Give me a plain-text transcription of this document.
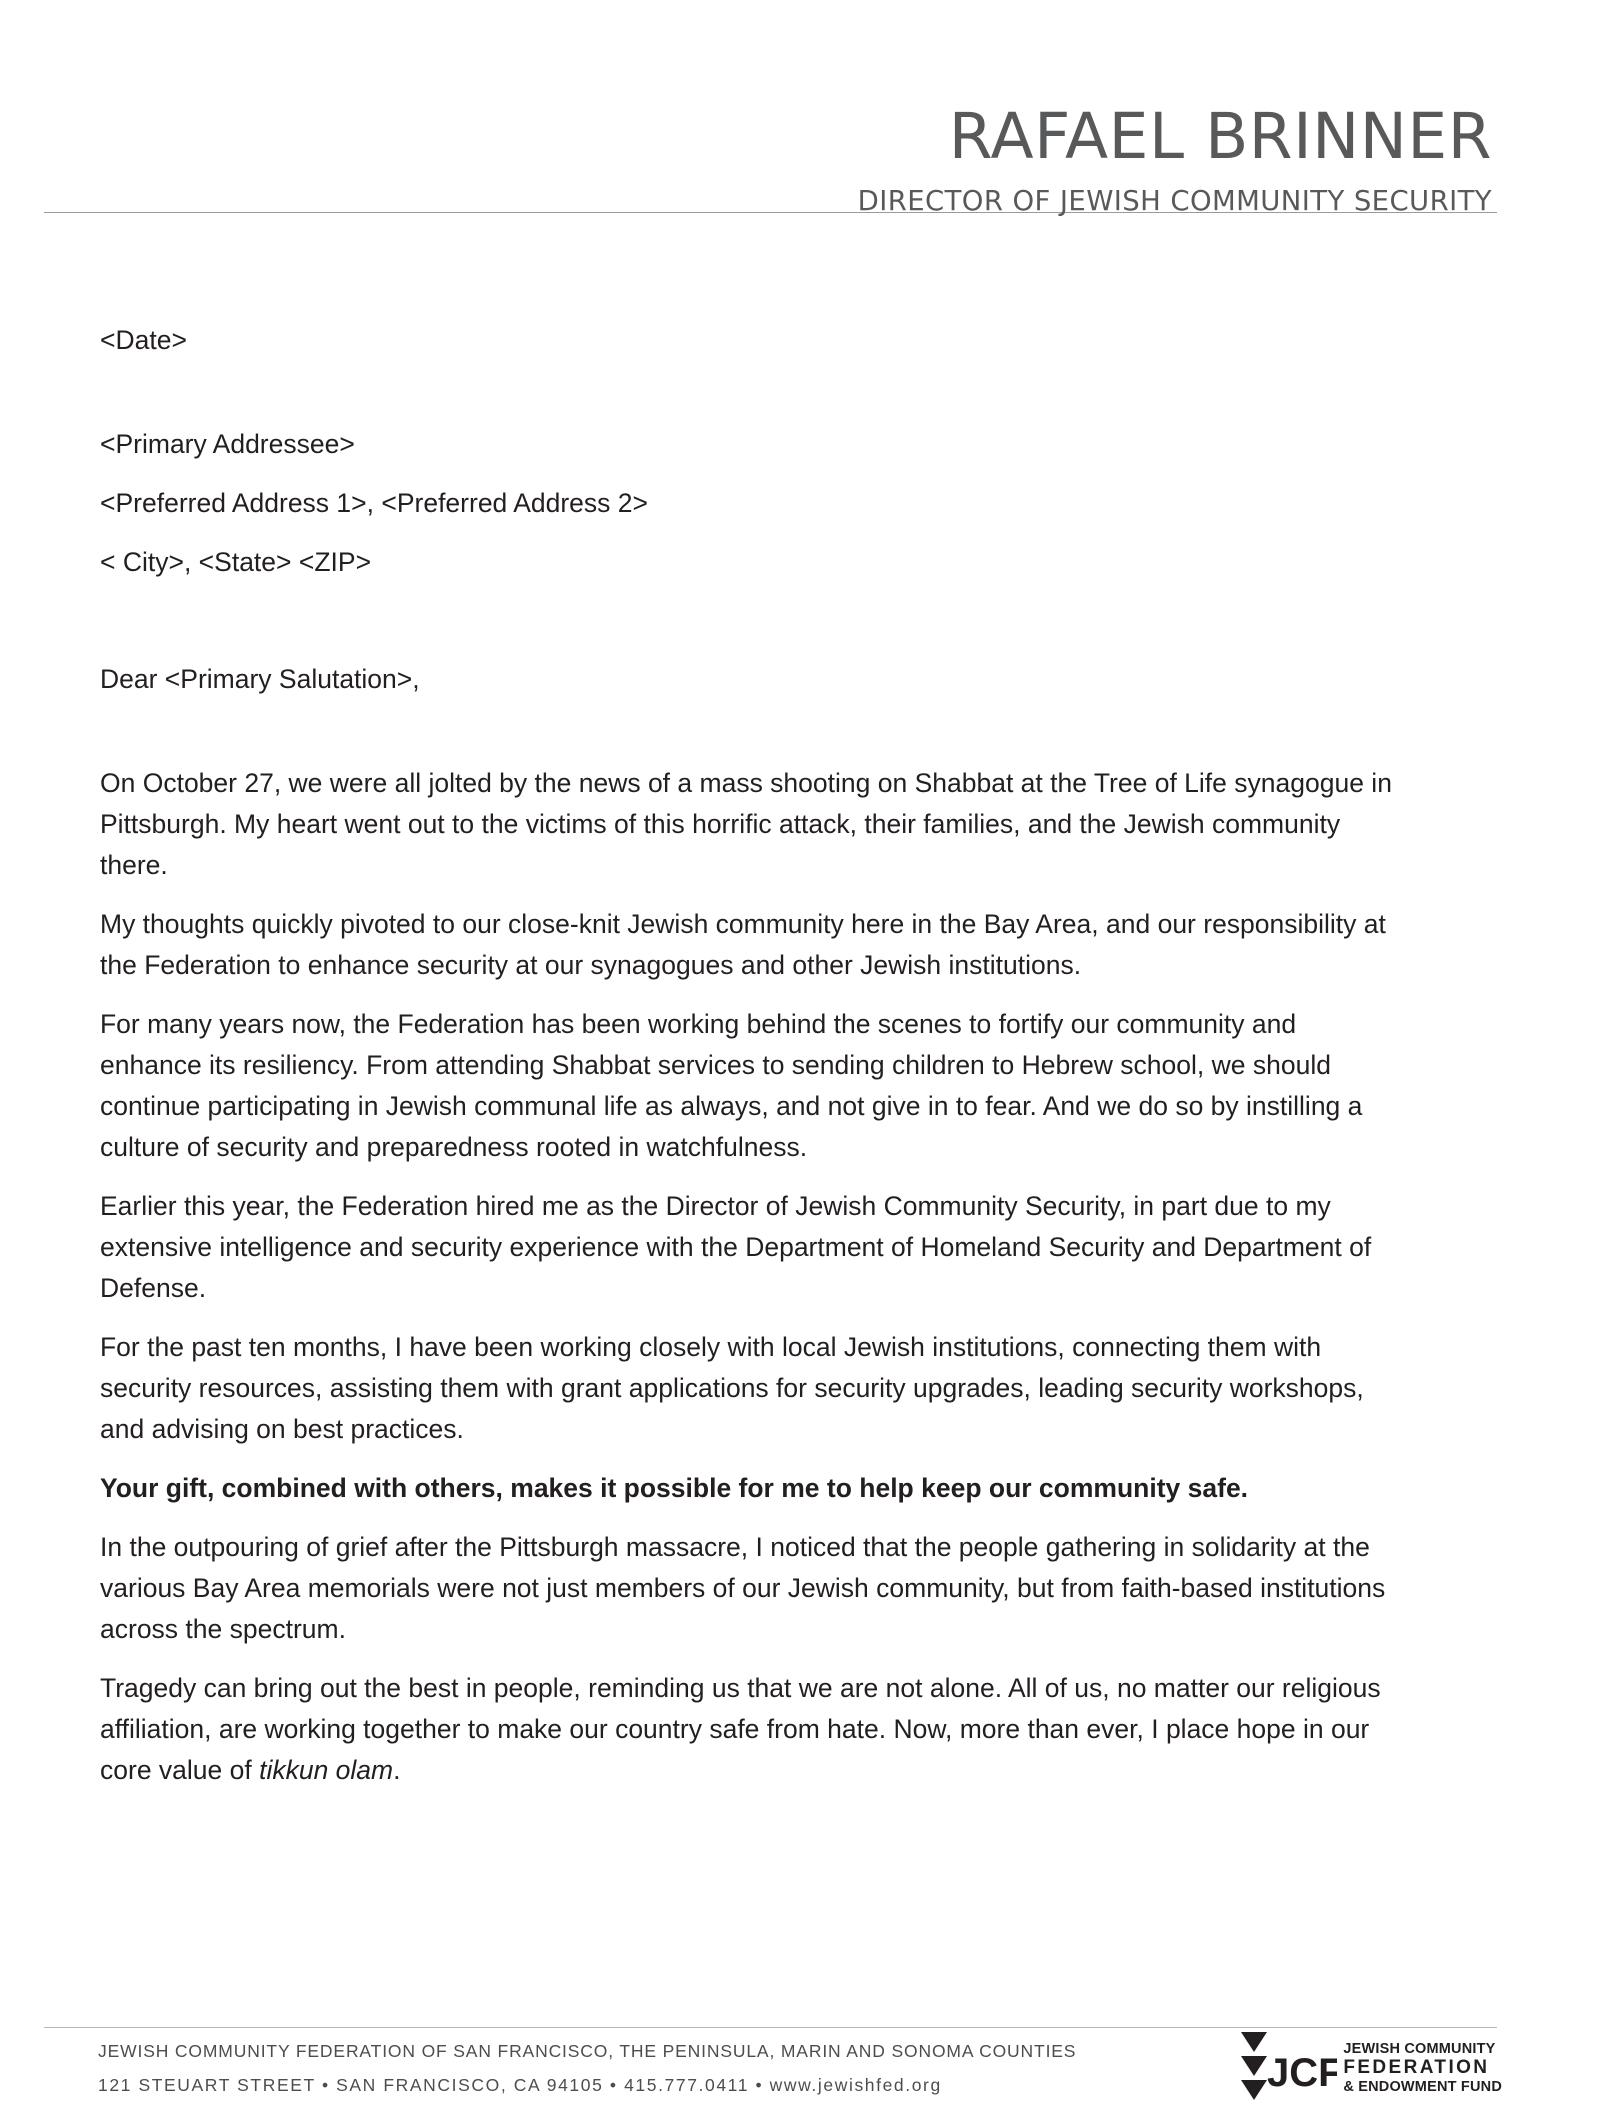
RAFAEL BRINNER
DIRECTOR OF JEWISH COMMUNITY SECURITY

<Date>

<Primary Addressee>

<Preferred Address 1>, <Preferred Address 2>

< City>, <State> <ZIP>

Dear <Primary Salutation>,

On October 27, we were all jolted by the news of a mass shooting on Shabbat at the Tree of Life synagogue in Pittsburgh. My heart went out to the victims of this horrific attack, their families, and the Jewish community there.

My thoughts quickly pivoted to our close-knit Jewish community here in the Bay Area, and our responsibility at the Federation to enhance security at our synagogues and other Jewish institutions.

For many years now, the Federation has been working behind the scenes to fortify our community and enhance its resiliency. From attending Shabbat services to sending children to Hebrew school, we should continue participating in Jewish communal life as always, and not give in to fear. And we do so by instilling a culture of security and preparedness rooted in watchfulness.

Earlier this year, the Federation hired me as the Director of Jewish Community Security, in part due to my extensive intelligence and security experience with the Department of Homeland Security and Department of Defense.

For the past ten months, I have been working closely with local Jewish institutions, connecting them with security resources, assisting them with grant applications for security upgrades, leading security workshops, and advising on best practices.

Your gift, combined with others, makes it possible for me to help keep our community safe.

In the outpouring of grief after the Pittsburgh massacre, I noticed that the people gathering in solidarity at the various Bay Area memorials were not just members of our Jewish community, but from faith-based institutions across the spectrum.

Tragedy can bring out the best in people, reminding us that we are not alone. All of us, no matter our religious affiliation, are working together to make our country safe from hate. Now, more than ever, I place hope in our core value of tikkun olam.

JEWISH COMMUNITY FEDERATION OF SAN FRANCISCO, THE PENINSULA, MARIN AND SONOMA COUNTIES
121 STEUART STREET • SAN FRANCISCO, CA 94105 • 415.777.0411 • www.jewishfed.org	JCF
JEWISH COMMUNITY
FEDERATION
& ENDOWMENT FUND
